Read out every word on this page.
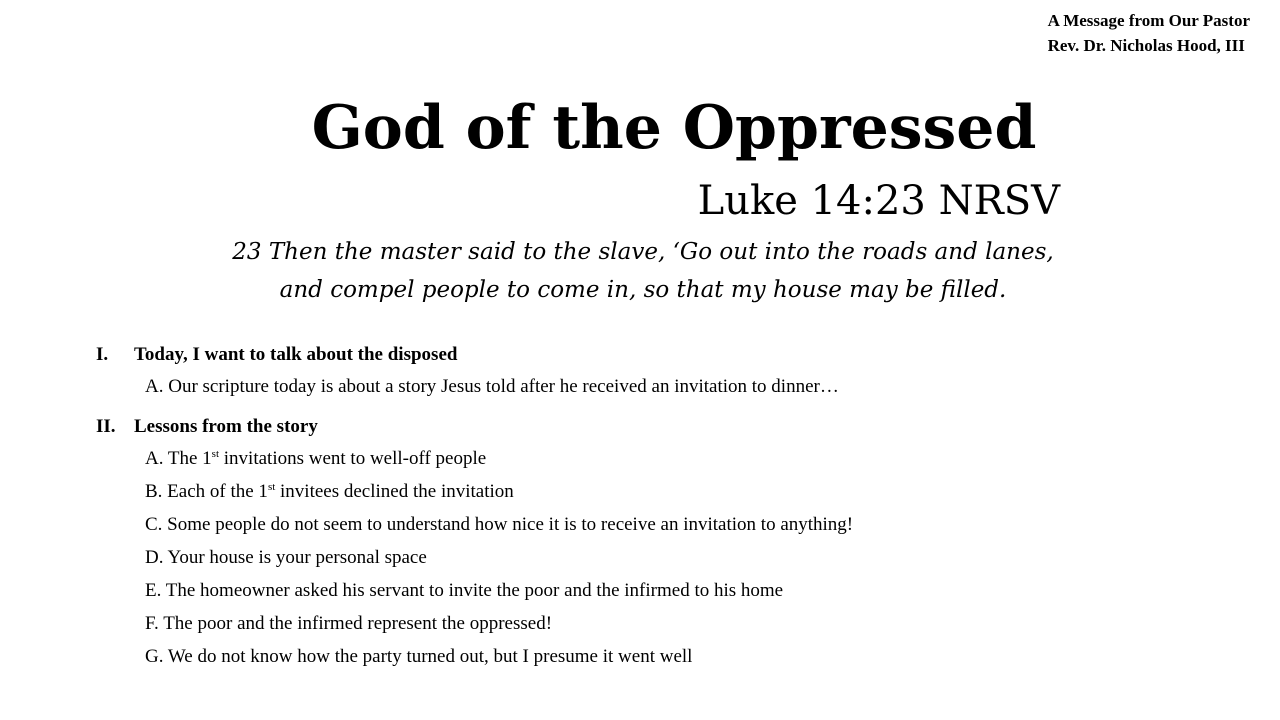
A Message from Our Pastor
Rev. Dr. Nicholas Hood, III
God of the Oppressed
Luke 14:23 NRSV
23 Then the master said to the slave, ‘Go out into the roads and lanes,
and compel people to come in, so that my house may be filled.
I. Today, I want to talk about the disposed
A. Our scripture today is about a story Jesus told after he received an invitation to dinner…
II. Lessons from the story
A. The 1st invitations went to well-off people
B. Each of the 1st invitees declined the invitation
C. Some people do not seem to understand how nice it is to receive an invitation to anything!
D. Your house is your personal space
E. The homeowner asked his servant to invite the poor and the infirmed to his home
F. The poor and the infirmed represent the oppressed!
G. We do not know how the party turned out, but I presume it went well
